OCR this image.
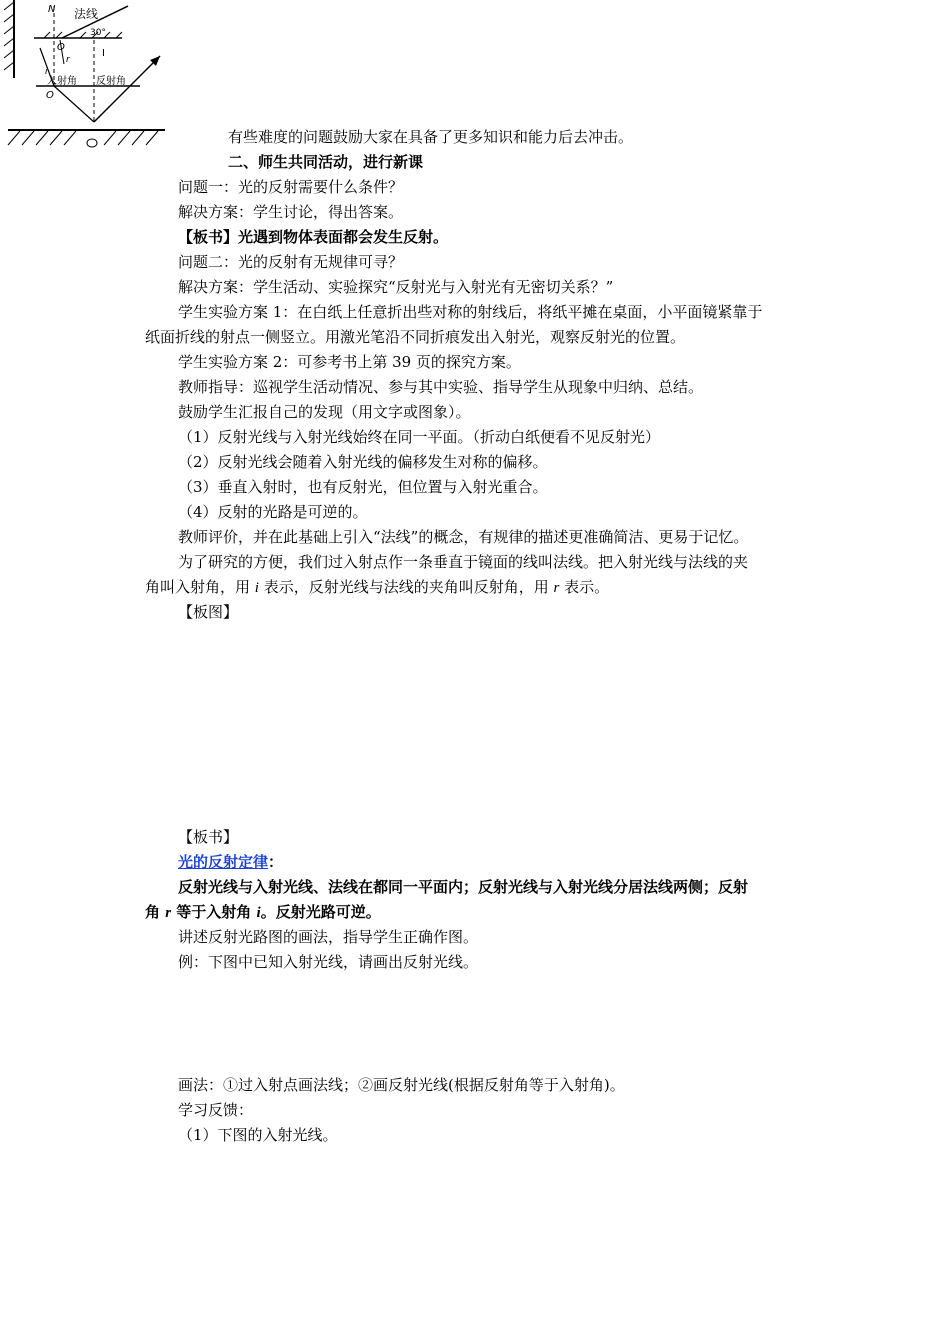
法线
N
30°
O
I
r
i
入射角 反射角
O
有些难度的问题鼓励大家在具备了更多知识和能力后去冲击。
二、师生共同活动，进行新课
问题一：光的反射需要什么条件？
解决方案：学生讨论，得出答案。
【板书】光遇到物体表面都会发生反射。
问题二：光的反射有无规律可寻？
解决方案：学生活动、实验探究“反射光与入射光有无密切关系？”
学生实验方案 1：在白纸上任意折出些对称的射线后，将纸平摊在桌面，小平面镜紧靠于
纸面折线的射点一侧竖立。用激光笔沿不同折痕发出入射光，观察反射光的位置。
学生实验方案 2：可参考书上第 39 页的探究方案。
教师指导：巡视学生活动情况、参与其中实验、指导学生从现象中归纳、总结。
鼓励学生汇报自己的发现（用文字或图象）。
（1）反射光线与入射光线始终在同一平面。（折动白纸便看不见反射光）
（2）反射光线会随着入射光线的偏移发生对称的偏移。
（3）垂直入射时，也有反射光，但位置与入射光重合。
（4）反射的光路是可逆的。
教师评价，并在此基础上引入“法线”的概念，有规律的描述更准确简洁、更易于记忆。
为了研究的方便，我们过入射点作一条垂直于镜面的线叫法线。把入射光线与法线的夹
角叫入射角，用 i 表示，反射光线与法线的夹角叫反射角，用 r 表示。
【板图】
【板书】
光的反射定律：
反射光线与入射光线、法线在都同一平面内；反射光线与入射光线分居法线两侧；反射
角 r 等于入射角 i。反射光路可逆。
讲述反射光路图的画法，指导学生正确作图。
例：下图中已知入射光线，请画出反射光线。
画法：①过入射点画法线；②画反射光线(根据反射角等于入射角)。
学习反馈：
（1）下图的入射光线。
